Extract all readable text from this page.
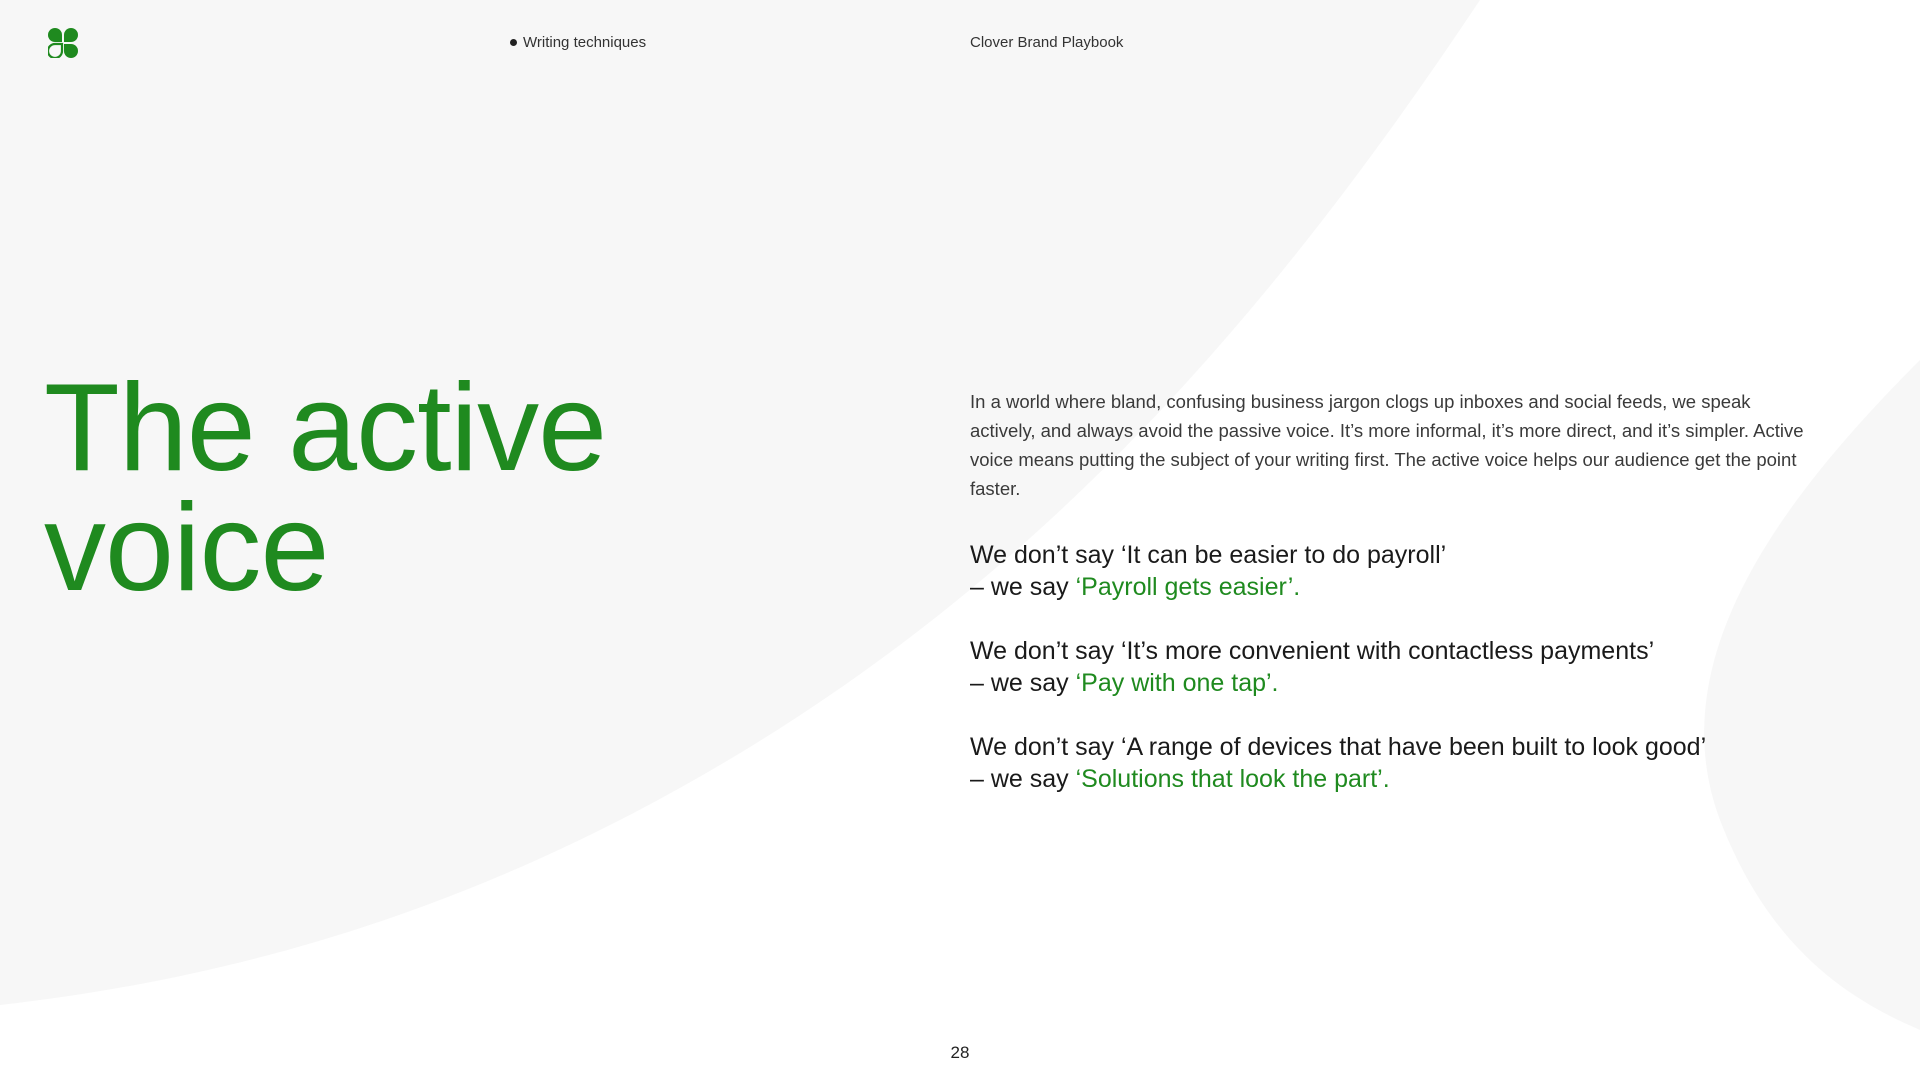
Writing techniques	Clover Brand Playbook
The active
voice

In a world where bland, confusing business jargon clogs up inboxes and social feeds, we speak actively, and always avoid the passive voice. It’s more informal, it’s more direct, and it’s simpler. Active voice means putting the subject of your writing first. The active voice helps our audience get the point faster.

We don’t say ‘It can be easier to do payroll’
– we say ‘Payroll gets easier’.

We don’t say ‘It’s more convenient with contactless payments’
– we say ‘Pay with one tap’.

We don’t say ‘A range of devices that have been built to look good’
– we say ‘Solutions that look the part’.

28
